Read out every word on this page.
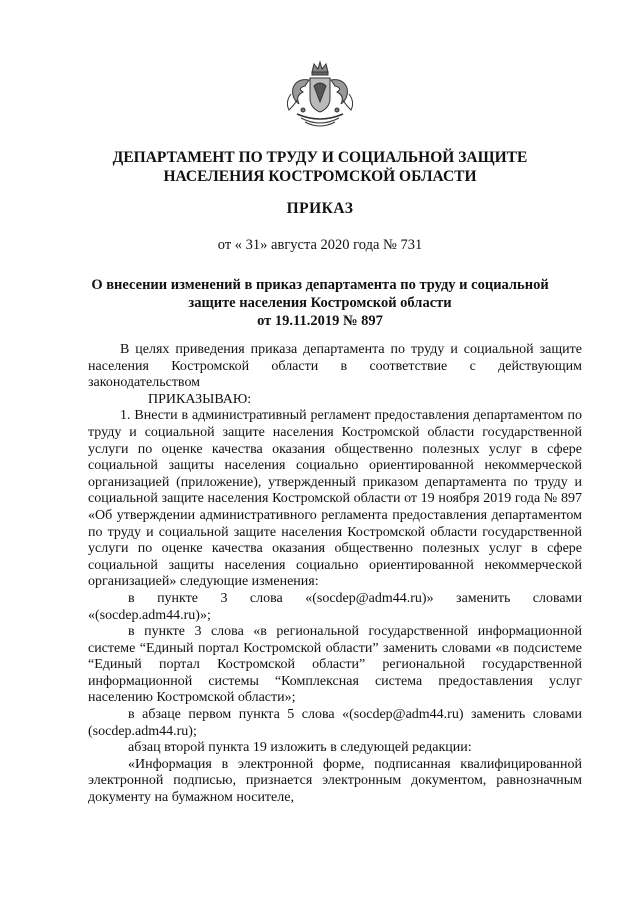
ДЕПАРТАМЕНТ ПО ТРУДУ И СОЦИАЛЬНОЙ ЗАЩИТЕ
НАСЕЛЕНИЯ КОСТРОМСКОЙ ОБЛАСТИ
ПРИКАЗ
от « 31» августа 2020 года № 731
О внесении изменений в приказ департамента по труду и социальной
защите населения Костромской области
от 19.11.2019 № 897

В целях приведения приказа департамента по труду и социальной защите населения Костромской области в соответствие с действующим законодательством

ПРИКАЗЫВАЮ:

1. Внести в административный регламент предоставления департаментом по труду и социальной защите населения Костромской области государственной услуги по оценке качества оказания общественно полезных услуг в сфере социальной защиты населения социально ориентированной некоммерческой организацией (приложение), утвержденный приказом департамента по труду и социальной защите населения Костромской области от 19 ноября 2019 года № 897 «Об утверждении административного регламента предоставления департаментом по труду и социальной защите населения Костромской области государственной услуги по оценке качества оказания общественно полезных услуг в сфере социальной защиты населения социально ориентированной некоммерческой организацией» следующие изменения:

в пункте 3 слова «(socdep@adm44.ru)» заменить словами «(socdep.adm44.ru)»;

в пункте 3 слова «в региональной государственной информационной системе “Единый портал Костромской области” заменить словами «в подсистеме “Единый портал Костромской области” региональной государственной информационной системы “Комплексная система предоставления услуг населению Костромской области»;

в абзаце первом пункта 5 слова «(socdep@adm44.ru) заменить словами (socdep.adm44.ru);

абзац второй пункта 19 изложить в следующей редакции:

«Информация в электронной форме, подписанная квалифицированной электронной подписью, признается электронным документом, равнозначным документу на бумажном носителе,
